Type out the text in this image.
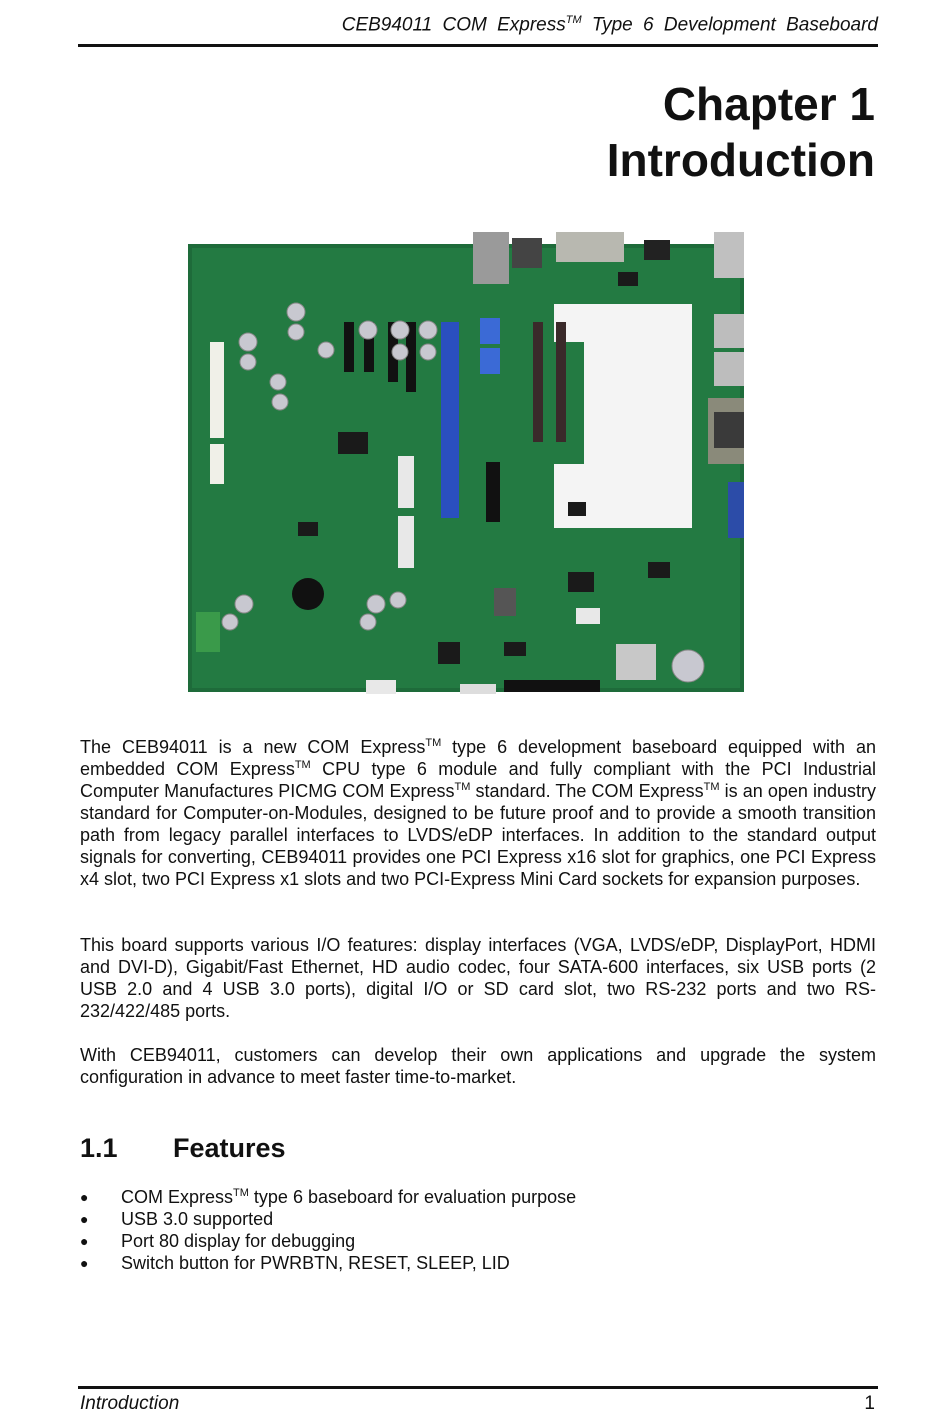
CEB94011 COM Express™ Type 6 Development Baseboard
Chapter 1
Introduction
The CEB94011 is a new COM Express™ type 6 development baseboard equipped with an embedded COM Express™ CPU type 6 module and fully compliant with the PCI Industrial Computer Manufactures PICMG COM Express™ standard. The COM Express™ is an open industry standard for Computer-on-Modules, designed to be future proof and to provide a smooth transition path from legacy parallel interfaces to LVDS/eDP interfaces. In addition to the standard output signals for converting, CEB94011 provides one PCI Express x16 slot for graphics, one PCI Express x4 slot, two PCI Express x1 slots and two PCI-Express Mini Card sockets for expansion purposes.
This board supports various I/O features: display interfaces (VGA, LVDS/eDP, DisplayPort, HDMI and DVI-D), Gigabit/Fast Ethernet, HD audio codec, four SATA-600 interfaces, six USB ports (2 USB 2.0 and 4 USB 3.0 ports), digital I/O or SD card slot, two RS-232 ports and two RS-232/422/485 ports.
With CEB94011, customers can develop their own applications and upgrade the system configuration in advance to meet faster time-to-market.
1.1 Features
● COM Express™ type 6 baseboard for evaluation purpose
● USB 3.0 supported
● Port 80 display for debugging
● Switch button for PWRBTN, RESET, SLEEP, LID
Introduction	1
